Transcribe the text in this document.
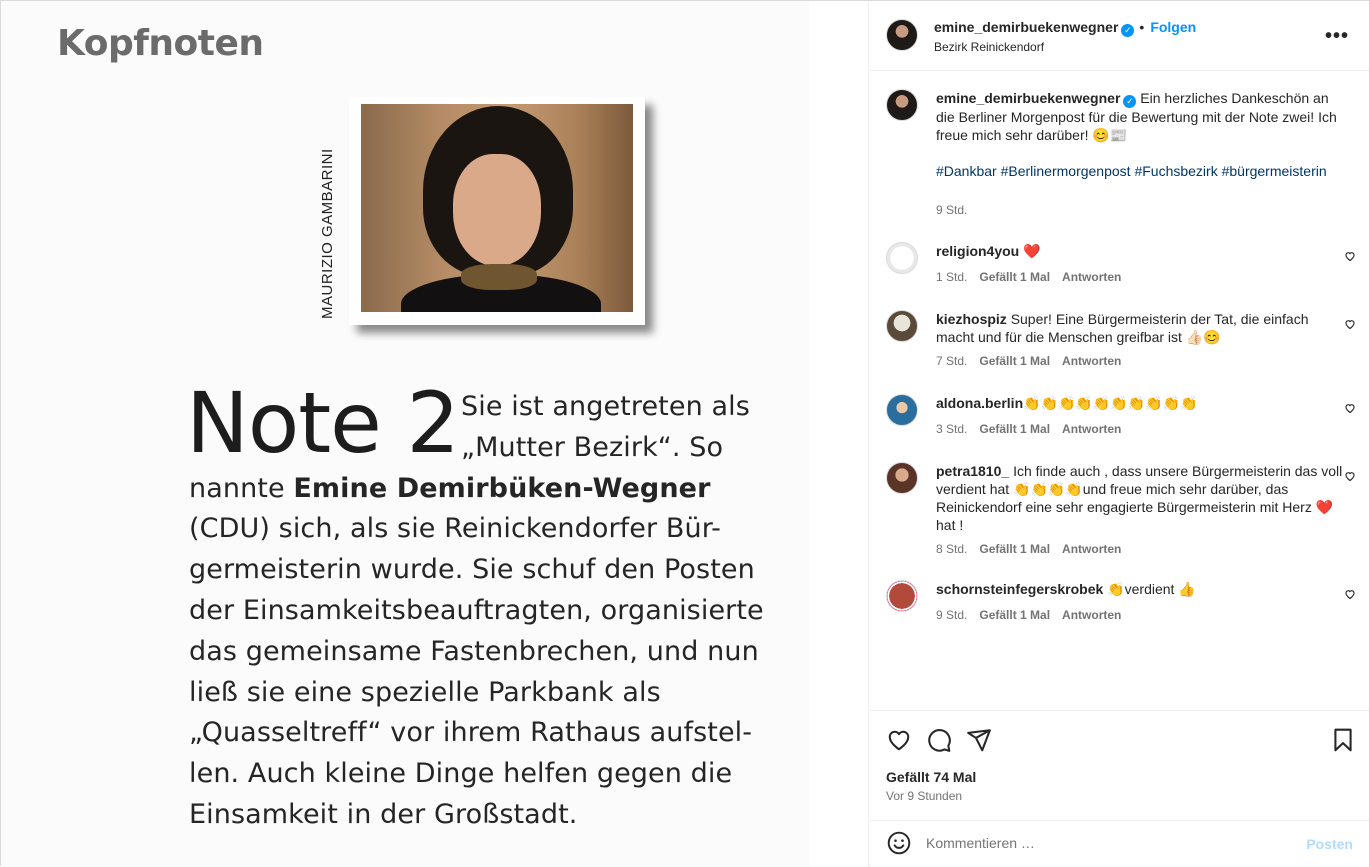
Kopfnoten
MAURIZIO GAMBARINI
Note 2 Sie ist angetreten als
„Mutter Bezirk“. So
nannte Emine Demirbüken-Wegner
(CDU) sich, als sie Reinickendorfer Bür-
germeisterin wurde. Sie schuf den Posten
der Einsamkeitsbeauftragten, organisierte
das gemeinsame Fastenbrechen, und nun
ließ sie eine spezielle Parkbank als
„Quasseltreff“ vor ihrem Rathaus aufstel-
len. Auch kleine Dinge helfen gegen die
Einsamkeit in der Großstadt.
emine_demirbuekenwegner ✓ • Folgen
Bezirk Reinickendorf	•••
emine_demirbuekenwegner ✓ Ein herzliches Dankeschön an die Berliner Morgenpost für die Bewertung mit der Note zwei! Ich freue mich sehr darüber! 😊📰
#Dankbar #Berlinermorgenpost #Fuchsbezirk #bürgermeisterin
9 Std.
religion4you ❤️
1 Std. Gefällt 1 Mal Antworten
kiezhospiz Super! Eine Bürgermeisterin der Tat, die einfach macht und für die Menschen greifbar ist 👍🏻😊
7 Std. Gefällt 1 Mal Antworten
aldona.berlin👏👏👏👏👏👏👏👏👏👏
3 Std. Gefällt 1 Mal Antworten
petra1810_ Ich finde auch , dass unsere Bürgermeisterin das voll verdient hat 👏👏👏👏und freue mich sehr darüber, das Reinickendorf eine sehr engagierte Bürgermeisterin mit Herz ❤️ hat !
8 Std. Gefällt 1 Mal Antworten
schornsteinfegerskrobek 👏verdient 👍
9 Std. Gefällt 1 Mal Antworten
Gefällt 74 Mal
Vor 9 Stunden
Kommentieren …
Posten
